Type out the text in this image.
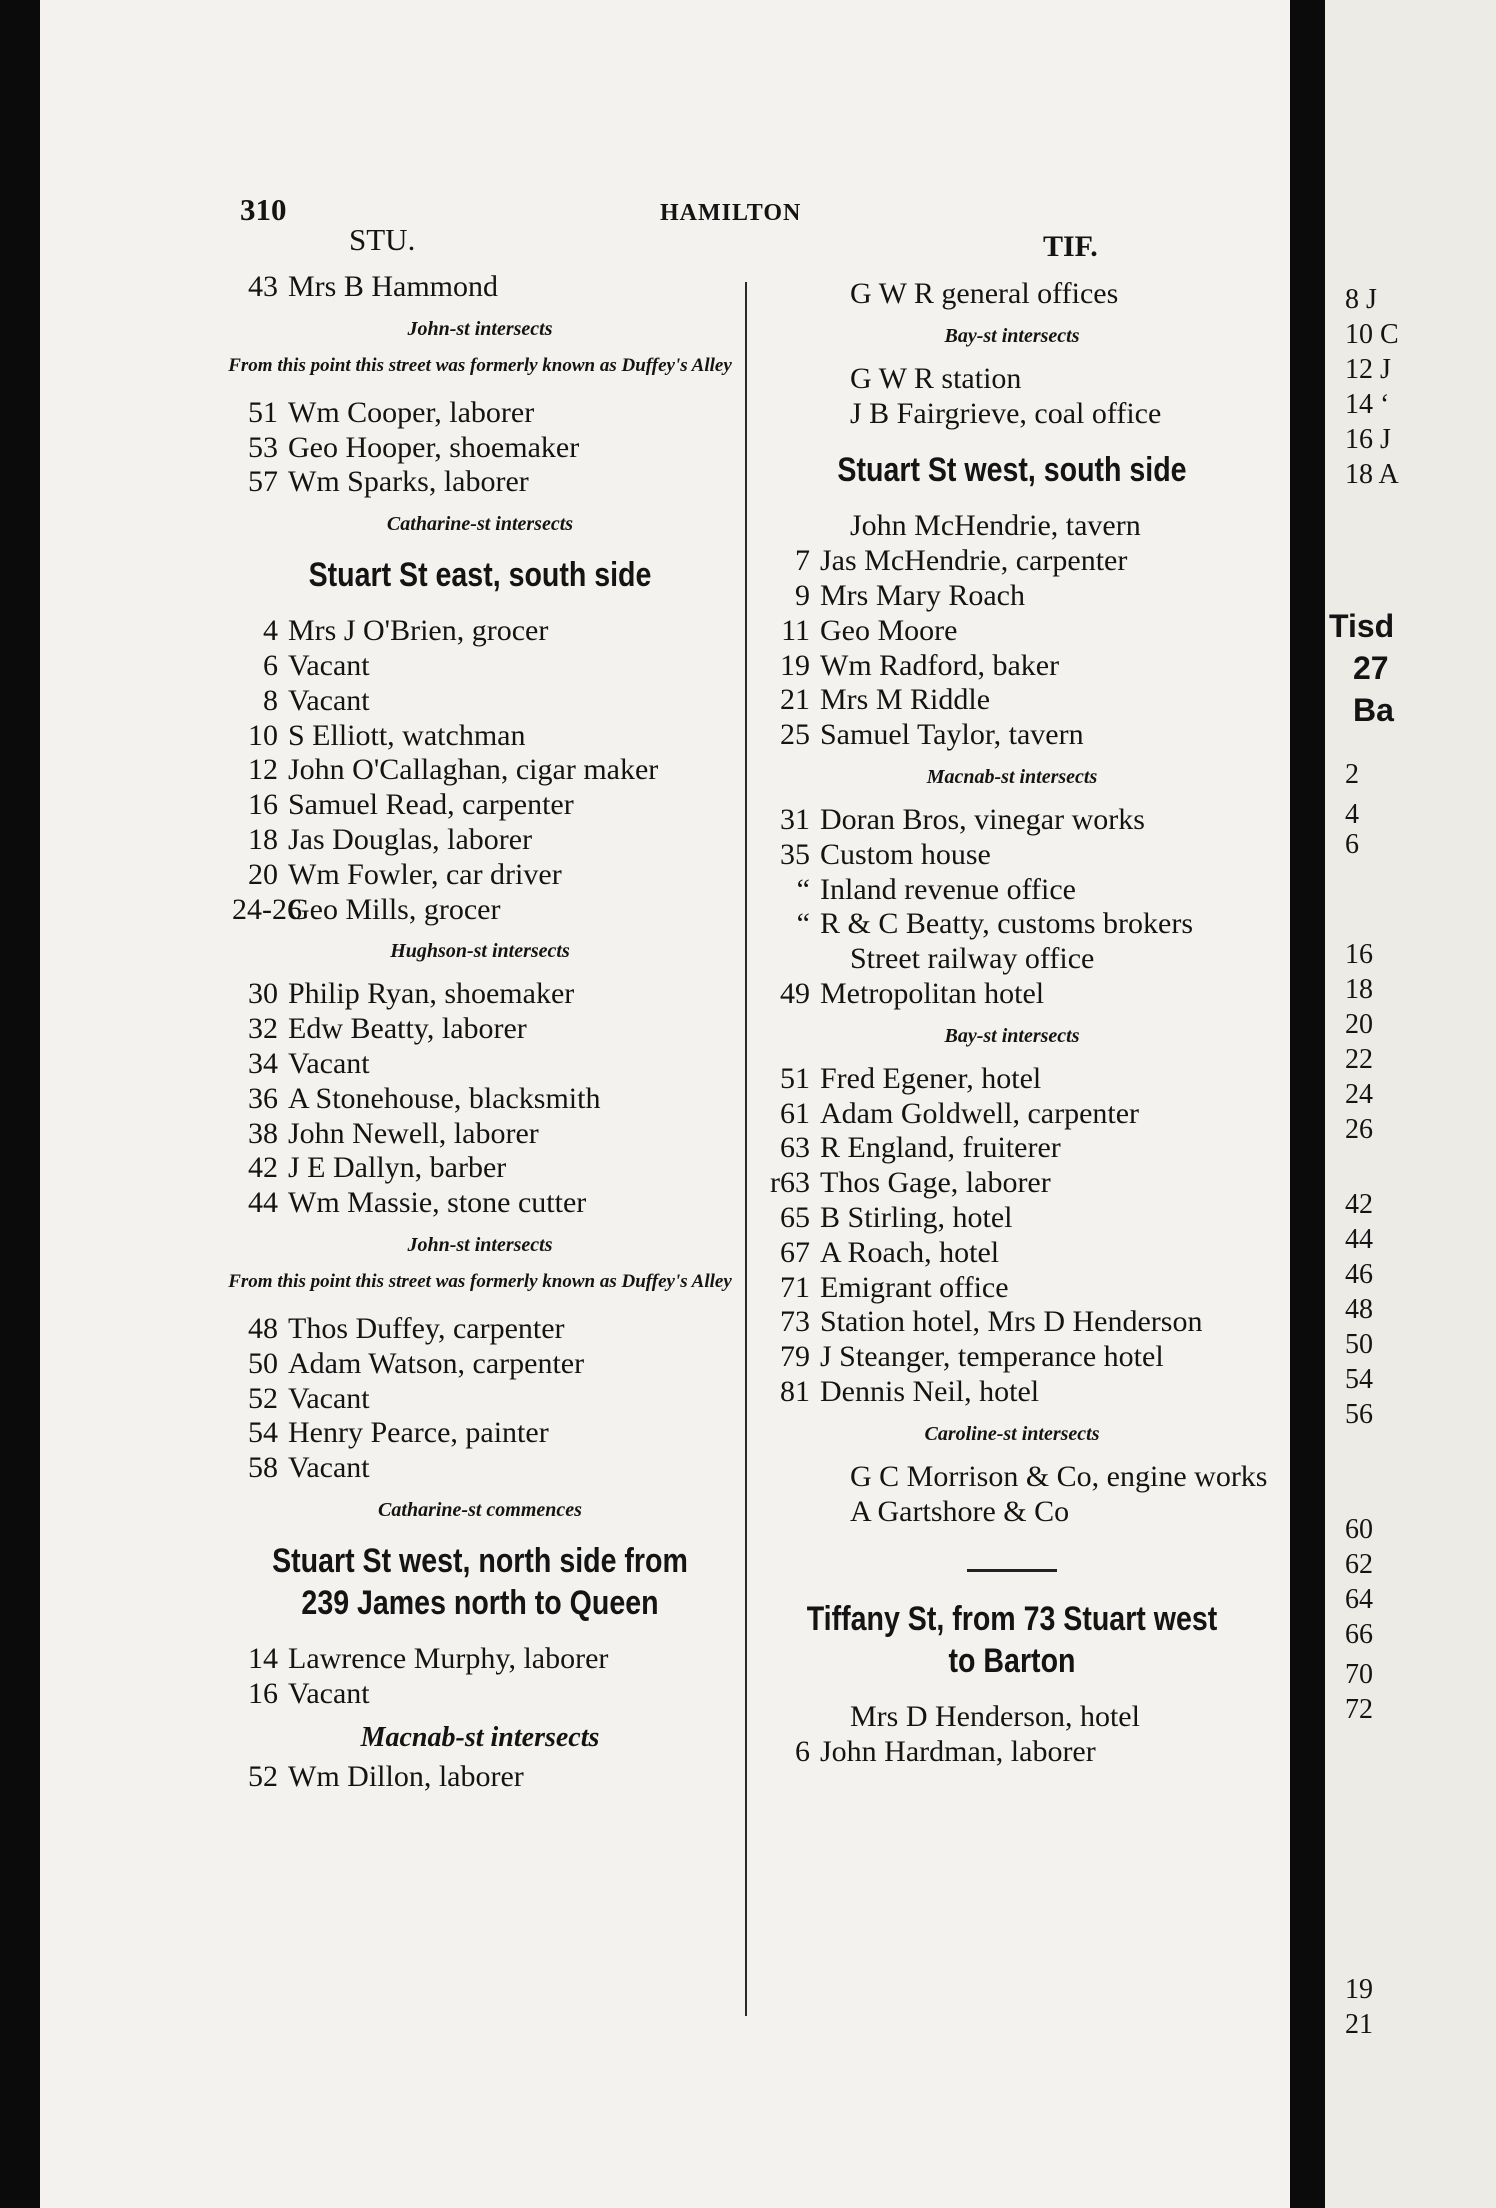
310	HAMILTON
STU.	TIF.
43 Mrs B Hammond
John-st intersects
From this point this street was formerly known as Duffey's Alley
51 Wm Cooper, laborer
53 Geo Hooper, shoemaker
57 Wm Sparks, laborer
Catharine-st intersects
Stuart St east, south side
4 Mrs J O'Brien, grocer
6 Vacant
8 Vacant
10 S Elliott, watchman
12 John O'Callaghan, cigar maker
16 Samuel Read, carpenter
18 Jas Douglas, laborer
20 Wm Fowler, car driver
24-26Geo Mills, grocer
Hughson-st intersects
30 Philip Ryan, shoemaker
32 Edw Beatty, laborer
34 Vacant
36 A Stonehouse, blacksmith
38 John Newell, laborer
42 J E Dallyn, barber
44 Wm Massie, stone cutter
John-st intersects
From this point this street was formerly known as Duffey's Alley
48 Thos Duffey, carpenter
50 Adam Watson, carpenter
52 Vacant
54 Henry Pearce, painter
58 Vacant
Catharine-st commences
Stuart St west, north side from 239 James north to Queen
14 Lawrence Murphy, laborer
16 Vacant
Macnab-st intersects
52 Wm Dillon, laborer
G W R general offices
Bay-st intersects
G W R station
J B Fairgrieve, coal office
Stuart St west, south side
John McHendrie, tavern
7 Jas McHendrie, carpenter
9 Mrs Mary Roach
11 Geo Moore
19 Wm Radford, baker
21 Mrs M Riddle
25 Samuel Taylor, tavern
Macnab-st intersects
31 Doran Bros, vinegar works
35 Custom house
“ Inland revenue office
“ R & C Beatty, customs brokers
Street railway office
49 Metropolitan hotel
Bay-st intersects
51 Fred Egener, hotel
61 Adam Goldwell, carpenter
63 R England, fruiterer
r63 Thos Gage, laborer
65 B Stirling, hotel
67 A Roach, hotel
71 Emigrant office
73 Station hotel, Mrs D Henderson
79 J Steanger, temperance hotel
81 Dennis Neil, hotel
Caroline-st intersects
G C Morrison & Co, engine works
A Gartshore & Co
Tiffany St, from 73 Stuart west to Barton
Mrs D Henderson, hotel
6 John Hardman, laborer
8 J
10 C
12 J
14 ‘
16 J
18 A
2
4
6
16
18
20
22
24
26
42
44
46
48
50
54
56
60
62
64
66
70
72
19
21
Tisd
27
Ba
